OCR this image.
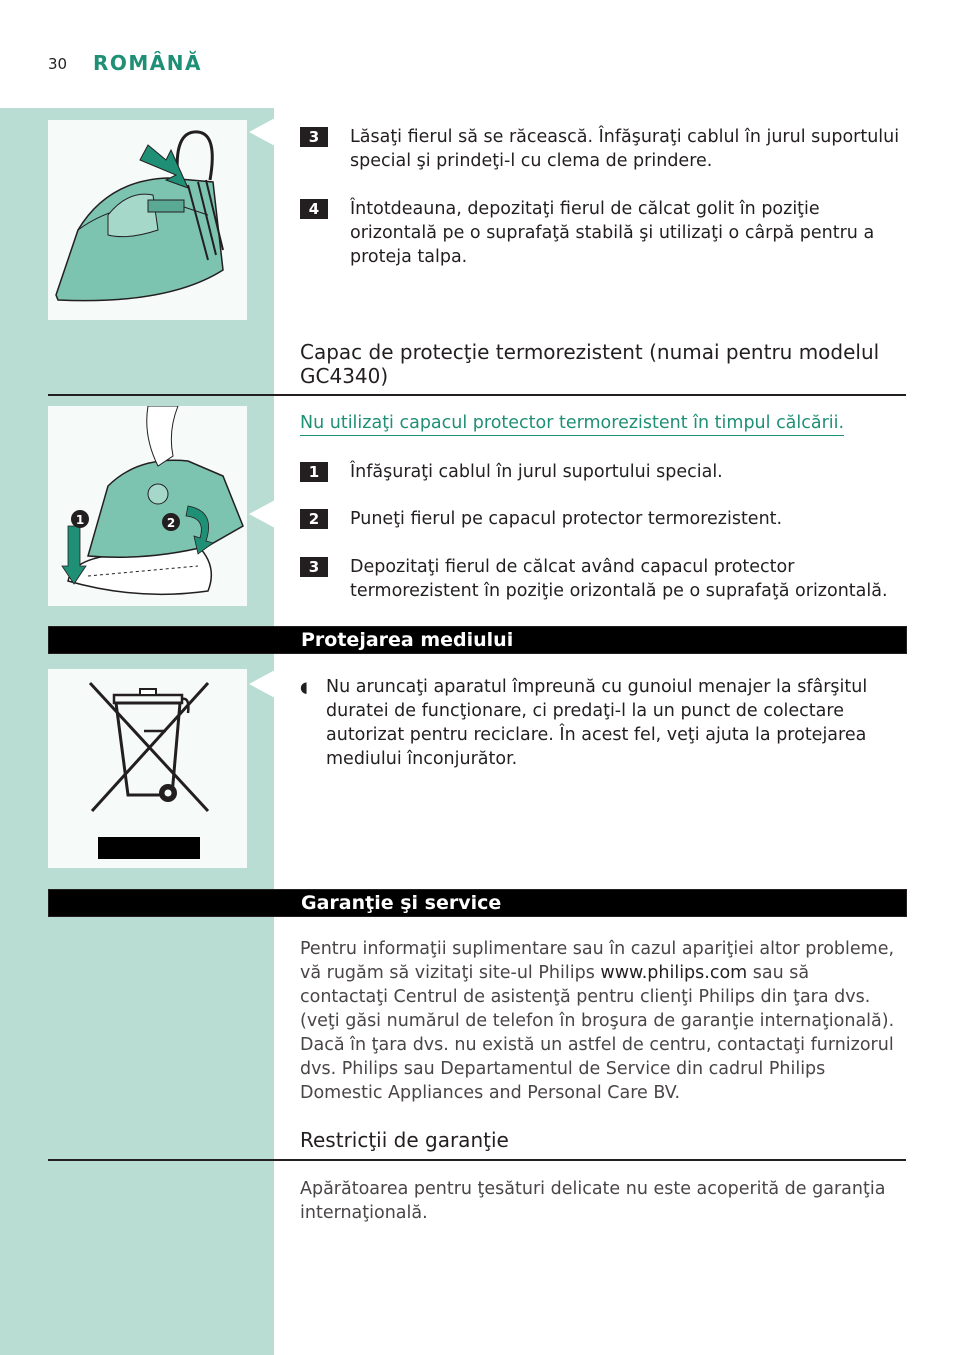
30 ROMÂNĂ
3	Lăsaţi fierul să se răcească. Înfăşuraţi cablul în jurul suportului special şi prindeţi-l cu clema de prindere.
4	Întotdeauna, depozitaţi fierul de călcat golit în poziţie orizontală pe o suprafaţă stabilă şi utilizaţi o cârpă pentru a proteja talpa.
Capac de protecţie termorezistent (numai pentru modelul GC4340)
1	2
Nu utilizaţi capacul protector termorezistent în timpul călcării.
1	Înfăşuraţi cablul în jurul suportului special.
2	Puneţi fierul pe capacul protector termorezistent.
3	Depozitaţi fierul de călcat având capacul protector termorezistent în poziţie orizontală pe o suprafaţă orizontală.
Protejarea mediului
◖ Nu aruncaţi aparatul împreună cu gunoiul menajer la sfârşitul duratei de funcţionare, ci predaţi-l la un punct de colectare autorizat pentru reciclare. În acest fel, veţi ajuta la protejarea mediului înconjurător.
Garanţie şi service
Pentru informaţii suplimentare sau în cazul apariţiei altor probleme, vă rugăm să vizitaţi site-ul Philips www.philips.com sau să contactaţi Centrul de asistenţă pentru clienţi Philips din ţara dvs. (veţi găsi numărul de telefon în broşura de garanţie internaţională). Dacă în ţara dvs. nu există un astfel de centru, contactaţi furnizorul dvs. Philips sau Departamentul de Service din cadrul Philips Domestic Appliances and Personal Care BV.
Restricţii de garanţie
Apărătoarea pentru ţesături delicate nu este acoperită de garanţia internaţională.
